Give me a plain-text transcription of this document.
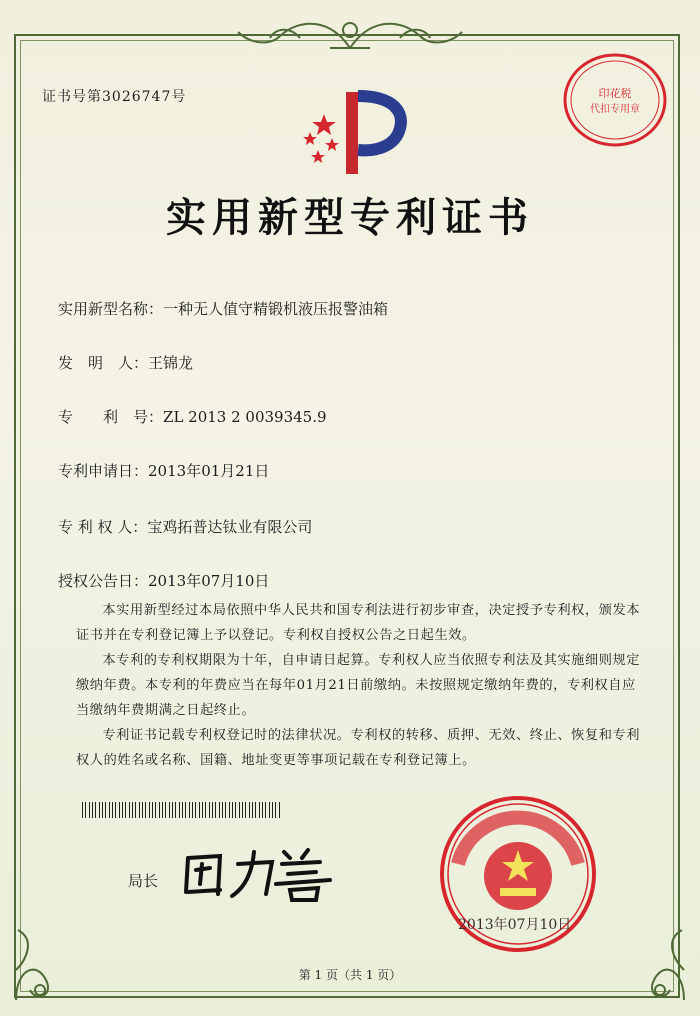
证书号第3026747号	印花税
代扣专用章
实用新型专利证书
实用新型名称：一种无人值守精锻机液压报警油箱
发　明　人：王锦龙
专　　利　号：ZL 2013 2 0039345.9
专利申请日：2013年01月21日
专 利 权 人：宝鸡拓普达钛业有限公司
授权公告日：2013年07月10日

本实用新型经过本局依照中华人民共和国专利法进行初步审查，决定授予专利权，颁发本证书并在专利登记簿上予以登记。专利权自授权公告之日起生效。

本专利的专利权期限为十年，自申请日起算。专利权人应当依照专利法及其实施细则规定缴纳年费。本专利的年费应当在每年01月21日前缴纳。未按照规定缴纳年费的，专利权自应当缴纳年费期满之日起终止。

专利证书记载专利权登记时的法律状况。专利权的转移、质押、无效、终止、恢复和专利权人的姓名或名称、国籍、地址变更等事项记载在专利登记簿上。

局长
2013年07月10日
第 1 页（共 1 页）
